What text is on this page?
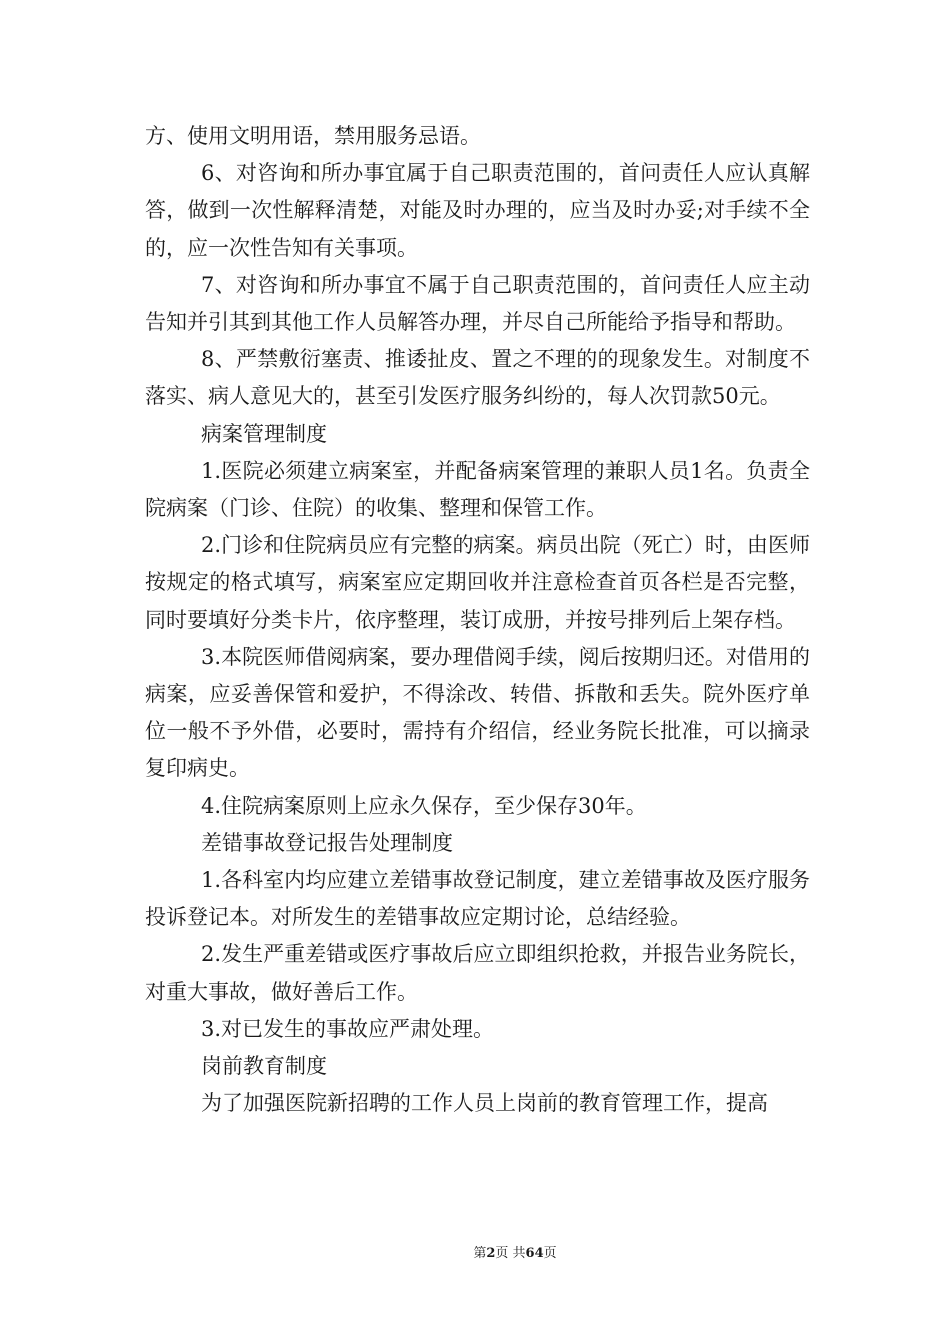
方、使用文明用语，禁用服务忌语。

6、对咨询和所办事宜属于自己职责范围的，首问责任人应认真解答，做到一次性解释清楚，对能及时办理的，应当及时办妥;对手续不全的，应一次性告知有关事项。

7、对咨询和所办事宜不属于自己职责范围的，首问责任人应主动告知并引其到其他工作人员解答办理，并尽自己所能给予指导和帮助。

8、严禁敷衍塞责、推诿扯皮、置之不理的的现象发生。对制度不落实、病人意见大的，甚至引发医疗服务纠纷的，每人次罚款50元。

病案管理制度

1.医院必须建立病案室，并配备病案管理的兼职人员1名。负责全院病案（门诊、住院）的收集、整理和保管工作。

2.门诊和住院病员应有完整的病案。病员出院（死亡）时，由医师按规定的格式填写，病案室应定期回收并注意检查首页各栏是否完整，同时要填好分类卡片，依序整理，装订成册，并按号排列后上架存档。

3.本院医师借阅病案，要办理借阅手续，阅后按期归还。对借用的病案，应妥善保管和爱护，不得涂改、转借、拆散和丢失。院外医疗单位一般不予外借，必要时，需持有介绍信，经业务院长批准，可以摘录复印病史。

4.住院病案原则上应永久保存，至少保存30年。

差错事故登记报告处理制度

1.各科室内均应建立差错事故登记制度，建立差错事故及医疗服务投诉登记本。对所发生的差错事故应定期讨论，总结经验。

2.发生严重差错或医疗事故后应立即组织抢救，并报告业务院长，对重大事故，做好善后工作。

3.对已发生的事故应严肃处理。

岗前教育制度

为了加强医院新招聘的工作人员上岗前的教育管理工作，提高

第2页 共64页
